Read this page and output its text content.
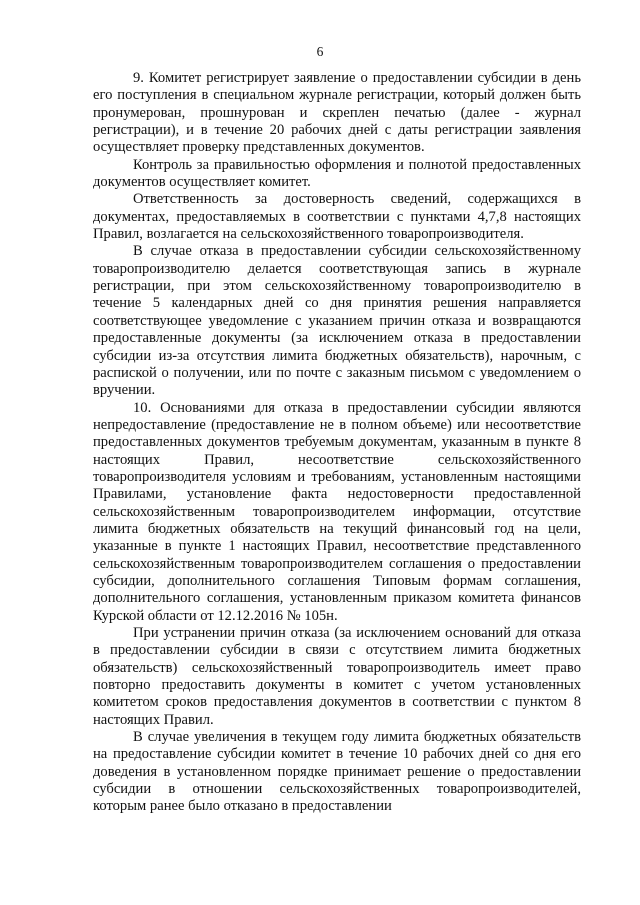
6

9. Комитет регистрирует заявление о предоставлении субсидии в день его поступления в специальном журнале регистрации, который должен быть пронумерован, прошнурован и скреплен печатью (далее - журнал регистрации), и в течение 20 рабочих дней с даты регистрации заявления осуществляет проверку представленных документов.

Контроль за правильностью оформления и полнотой предоставленных документов осуществляет комитет.

Ответственность за достоверность сведений, содержащихся в документах, предоставляемых в соответствии с пунктами 4,7,8 настоящих Правил, возлагается на сельскохозяйственного товаропроизводителя.

В случае отказа в предоставлении субсидии сельскохозяйственному товаропроизводителю делается соответствующая запись в журнале регистрации, при этом сельскохозяйственному товаропроизводителю в течение 5 календарных дней со дня принятия решения направляется соответствующее уведомление с указанием причин отказа и возвращаются предоставленные документы (за исключением отказа в предоставлении субсидии из-за отсутствия лимита бюджетных обязательств), нарочным, с распиской о получении, или по почте с заказным письмом с уведомлением о вручении.

10. Основаниями для отказа в предоставлении субсидии являются непредоставление (предоставление не в полном объеме) или несоответствие предоставленных документов требуемым документам, указанным в пункте 8 настоящих Правил, несоответствие сельскохозяйственного товаропроизводителя условиям и требованиям, установленным настоящими Правилами, установление факта недостоверности предоставленной сельскохозяйственным товаропроизводителем информации, отсутствие лимита бюджетных обязательств на текущий финансовый год на цели, указанные в пункте 1 настоящих Правил, несоответствие представленного сельскохозяйственным товаропроизводителем соглашения о предоставлении субсидии, дополнительного соглашения Типовым формам соглашения, дополнительного соглашения, установленным приказом комитета финансов Курской области от 12.12.2016 № 105н.

При устранении причин отказа (за исключением оснований для отказа в предоставлении субсидии в связи с отсутствием лимита бюджетных обязательств) сельскохозяйственный товаропроизводитель имеет право повторно предоставить документы в комитет с учетом установленных комитетом сроков предоставления документов в соответствии с пунктом 8 настоящих Правил.

В случае увеличения в текущем году лимита бюджетных обязательств на предоставление субсидии комитет в течение 10 рабочих дней со дня его доведения в установленном порядке принимает решение о предоставлении субсидии в отношении сельскохозяйственных товаропроизводителей, которым ранее было отказано в предоставлении
